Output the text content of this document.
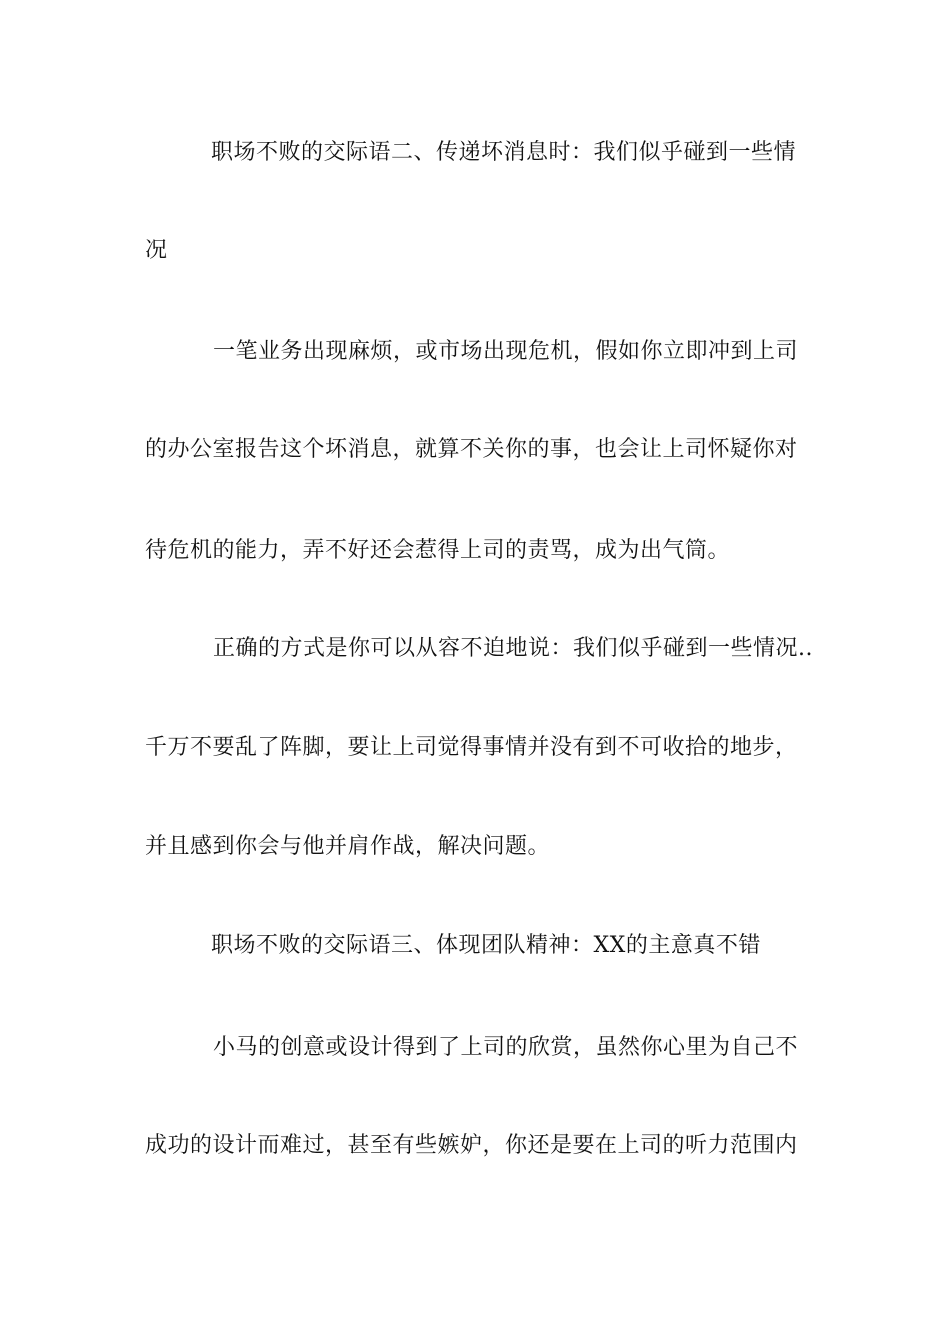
职场不败的交际语二、传递坏消息时：我们似乎碰到一些情
况
一笔业务出现麻烦，或市场出现危机，假如你立即冲到上司
的办公室报告这个坏消息，就算不关你的事，也会让上司怀疑你对
待危机的能力，弄不好还会惹得上司的责骂，成为出气筒。
正确的方式是你可以从容不迫地说：我们似乎碰到一些情况..
千万不要乱了阵脚，要让上司觉得事情并没有到不可收拾的地步，
并且感到你会与他并肩作战，解决问题。
职场不败的交际语三、体现团队精神：XX的主意真不错
小马的创意或设计得到了上司的欣赏，虽然你心里为自己不
成功的设计而难过，甚至有些嫉妒，你还是要在上司的听力范围内
